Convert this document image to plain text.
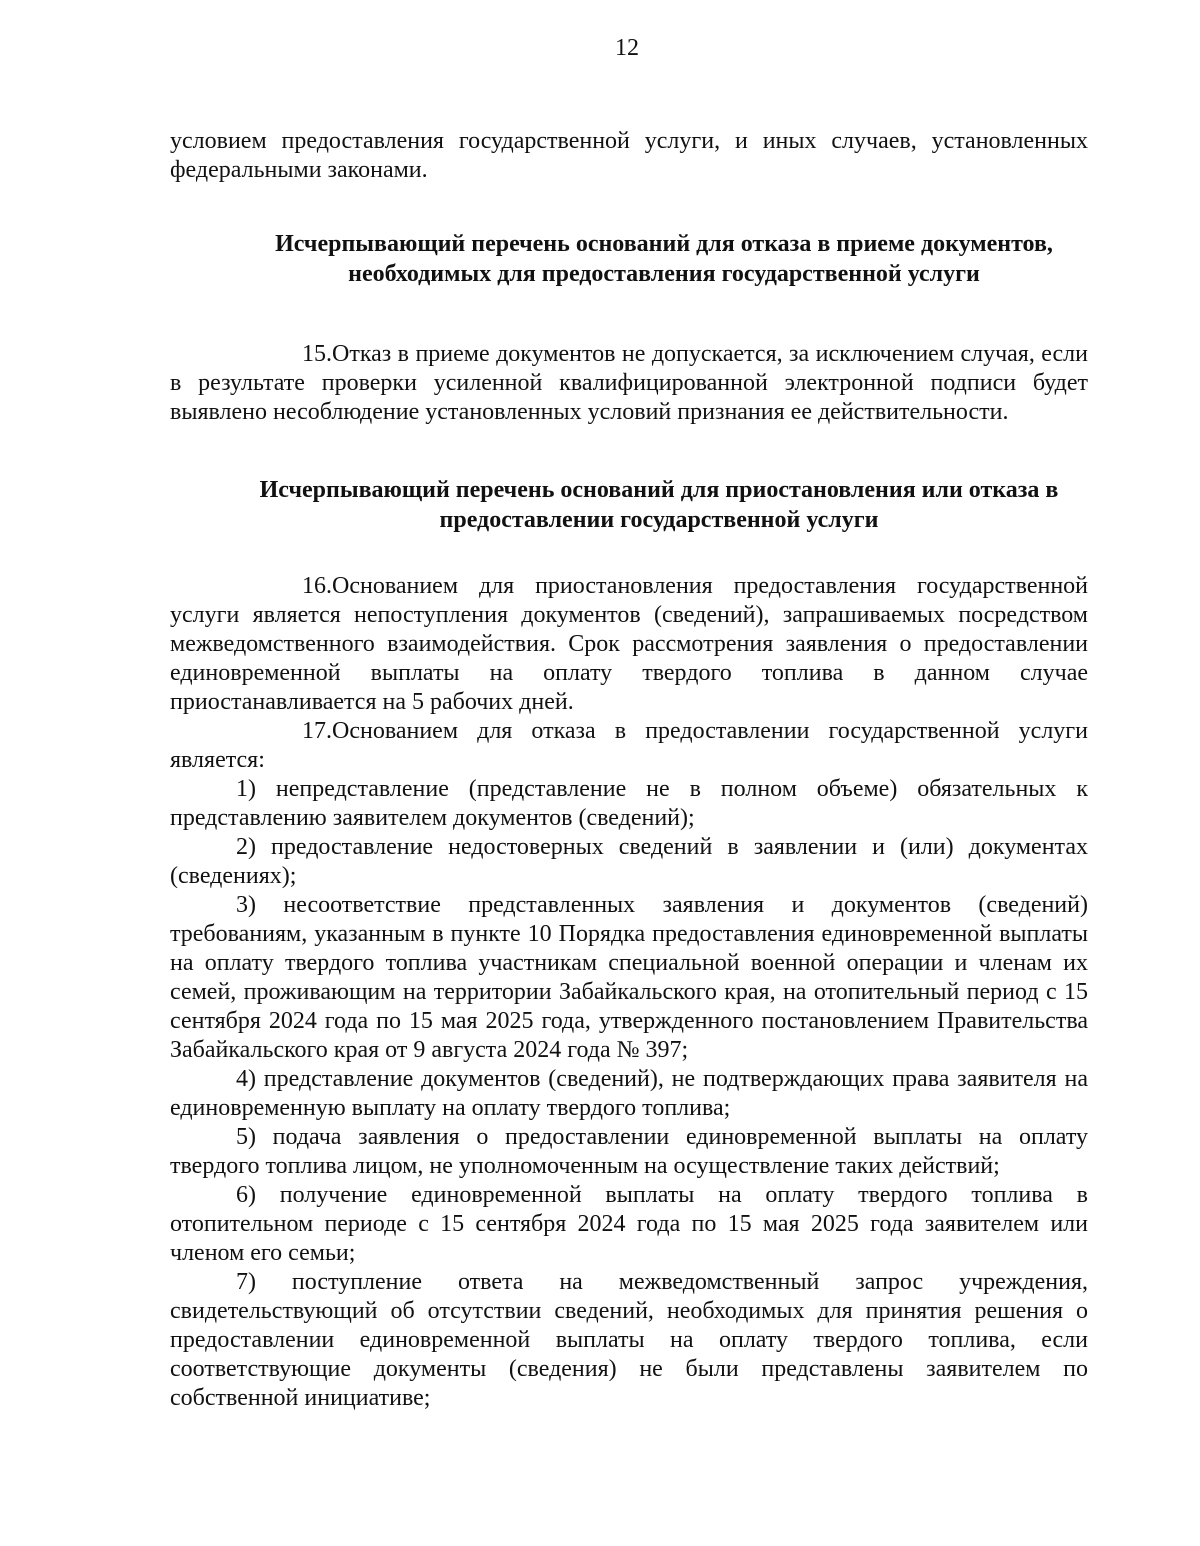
12

условием предоставления государственной услуги, и иных случаев, установленных федеральными законами.

Исчерпывающий перечень оснований для отказа в приеме документов, необходимых для предоставления государственной услуги

15.Отказ в приеме документов не допускается, за исключением случая, если в результате проверки усиленной квалифицированной электронной подписи будет выявлено несоблюдение установленных условий признания ее действительности.

Исчерпывающий перечень оснований для приостановления или отказа в предоставлении государственной услуги

16.Основанием для приостановления предоставления государственной услуги является непоступления документов (сведений), запрашиваемых посредством межведомственного взаимодействия. Срок рассмотрения заявления о предоставлении единовременной выплаты на оплату твердого топлива в данном случае приостанавливается на 5 рабочих дней.

17.Основанием для отказа в предоставлении государственной услуги является:

1) непредставление (представление не в полном объеме) обязательных к представлению заявителем документов (сведений);

2) предоставление недостоверных сведений в заявлении и (или) документах (сведениях);

3) несоответствие представленных заявления и документов (сведений) требованиям, указанным в пункте 10 Порядка предоставления единовременной выплаты на оплату твердого топлива участникам специальной военной операции и членам их семей, проживающим на территории Забайкальского края, на отопительный период с 15 сентября 2024 года по 15 мая 2025 года, утвержденного постановлением Правительства Забайкальского края от 9 августа 2024 года № 397;

4) представление документов (сведений), не подтверждающих права заявителя на единовременную выплату на оплату твердого топлива;

5) подача заявления о предоставлении единовременной выплаты на оплату твердого топлива лицом, не уполномоченным на осуществление таких действий;

6) получение единовременной выплаты на оплату твердого топлива в отопительном периоде с 15 сентября 2024 года по 15 мая 2025 года заявителем или членом его семьи;

7) поступление ответа на межведомственный запрос учреждения, свидетельствующий об отсутствии сведений, необходимых для принятия решения о предоставлении единовременной выплаты на оплату твердого топлива, если соответствующие документы (сведения) не были представлены заявителем по собственной инициативе;
